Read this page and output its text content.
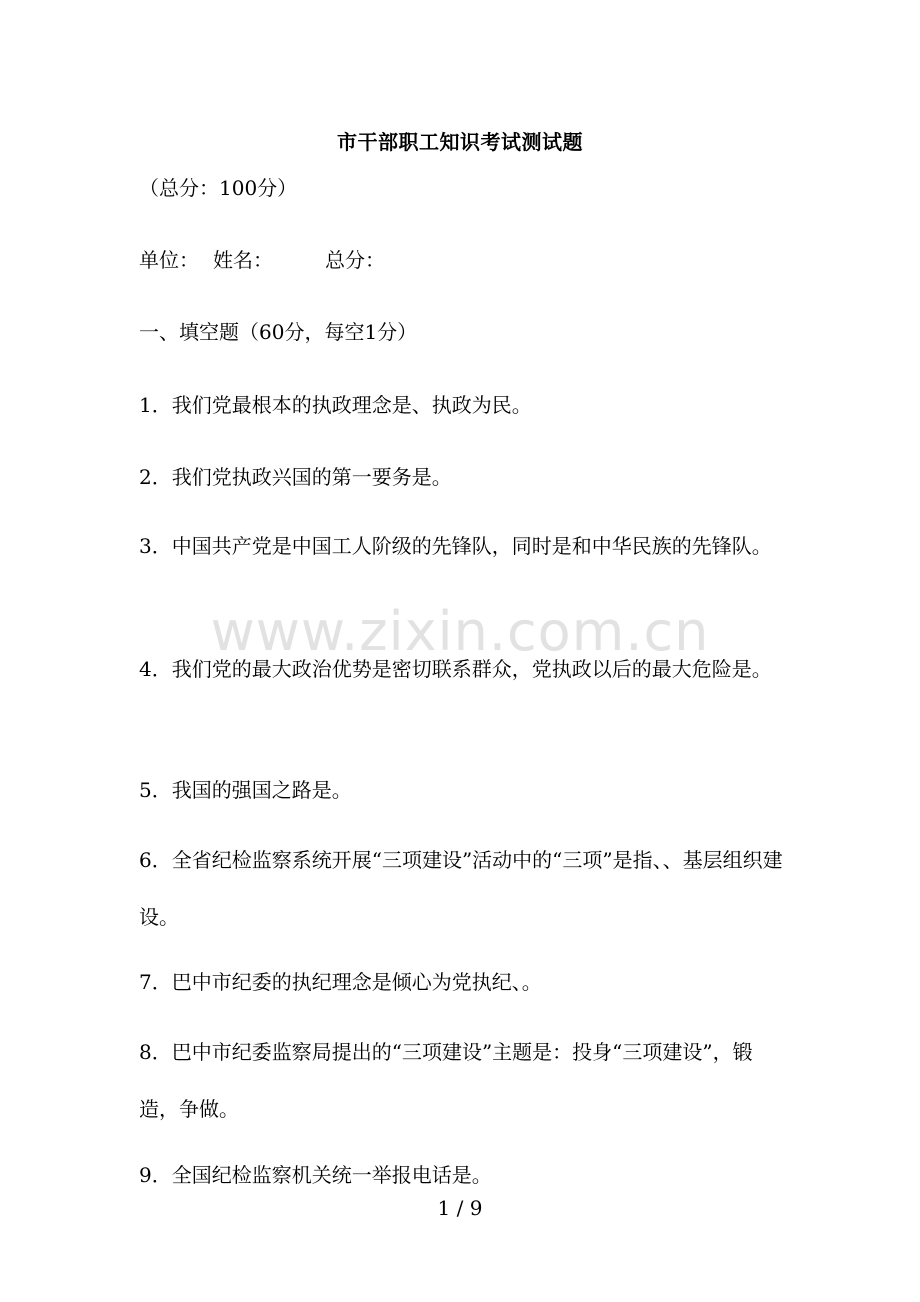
市干部职工知识考试测试题
（总分：100分）
单位： 姓名：	总分：
一、填空题（60分，每空1分）
1．我们党最根本的执政理念是、执政为民。
2．我们党执政兴国的第一要务是。
3．中国共产党是中国工人阶级的先锋队，同时是和中华民族的先锋队。
www.zixin.com.cn
4．我们党的最大政治优势是密切联系群众，党执政以后的最大危险是。
5．我国的强国之路是。
6．全省纪检监察系统开展“三项建设”活动中的“三项”是指、、基层组织建设。
7．巴中市纪委的执纪理念是倾心为党执纪、。
8．巴中市纪委监察局提出的“三项建设”主题是：投身“三项建设”，锻造，争做。
9．全国纪检监察机关统一举报电话是。
1 / 9
